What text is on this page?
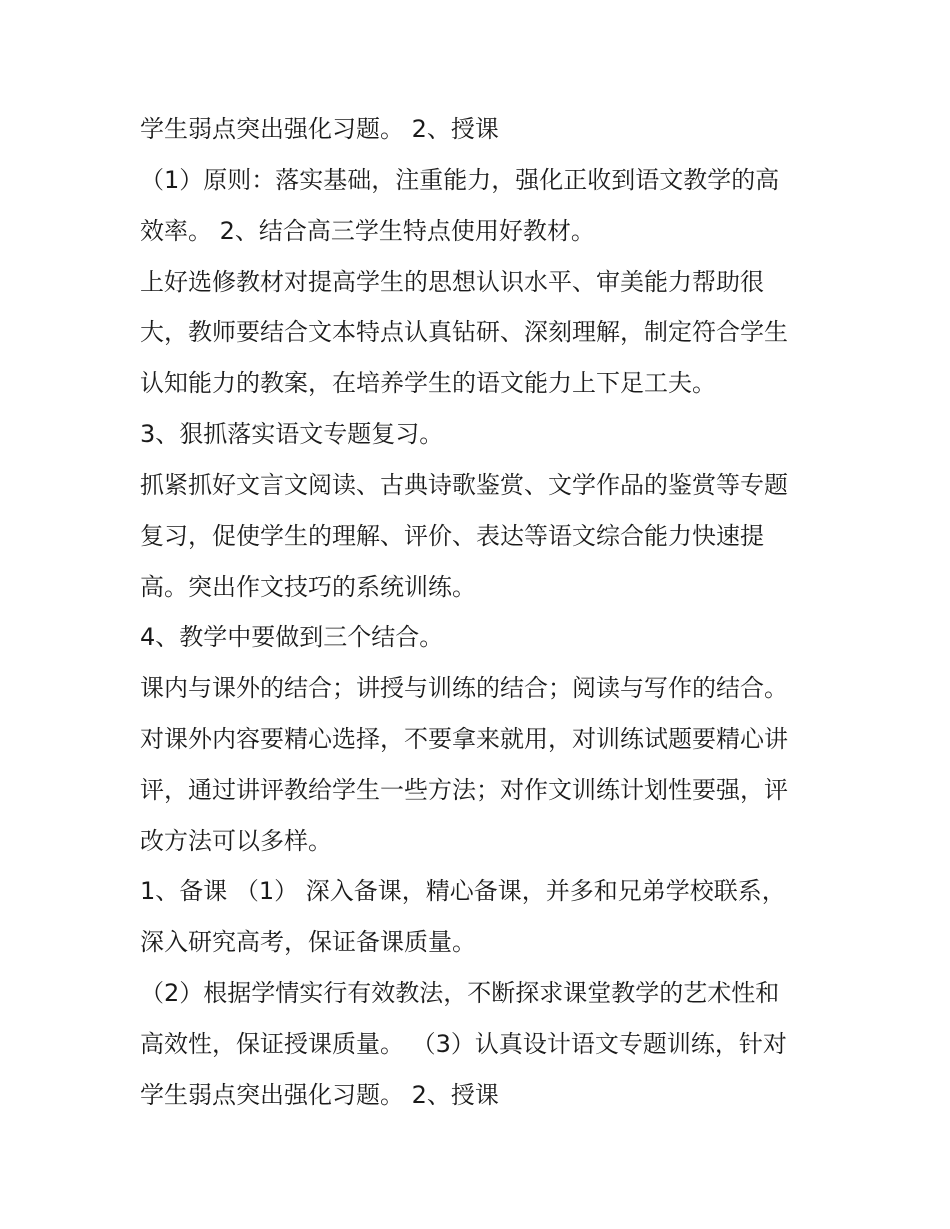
学生弱点突出强化习题。 2、授课
（1）原则：落实基础，注重能力，强化正收到语文教学的高
效率。 2、结合高三学生特点使用好教材。
上好选修教材对提高学生的思想认识水平、审美能力帮助很
大，教师要结合文本特点认真钻研、深刻理解，制定符合学生
认知能力的教案，在培养学生的语文能力上下足工夫。
3、狠抓落实语文专题复习。
抓紧抓好文言文阅读、古典诗歌鉴赏、文学作品的鉴赏等专题
复习，促使学生的理解、评价、表达等语文综合能力快速提
高。突出作文技巧的系统训练。
4、教学中要做到三个结合。
课内与课外的结合；讲授与训练的结合；阅读与写作的结合。
对课外内容要精心选择，不要拿来就用，对训练试题要精心讲
评，通过讲评教给学生一些方法；对作文训练计划性要强，评
改方法可以多样。
1、备课 （1） 深入备课，精心备课，并多和兄弟学校联系，
深入研究高考，保证备课质量。
（2）根据学情实行有效教法，不断探求课堂教学的艺术性和
高效性，保证授课质量。 （3）认真设计语文专题训练，针对
学生弱点突出强化习题。 2、授课
